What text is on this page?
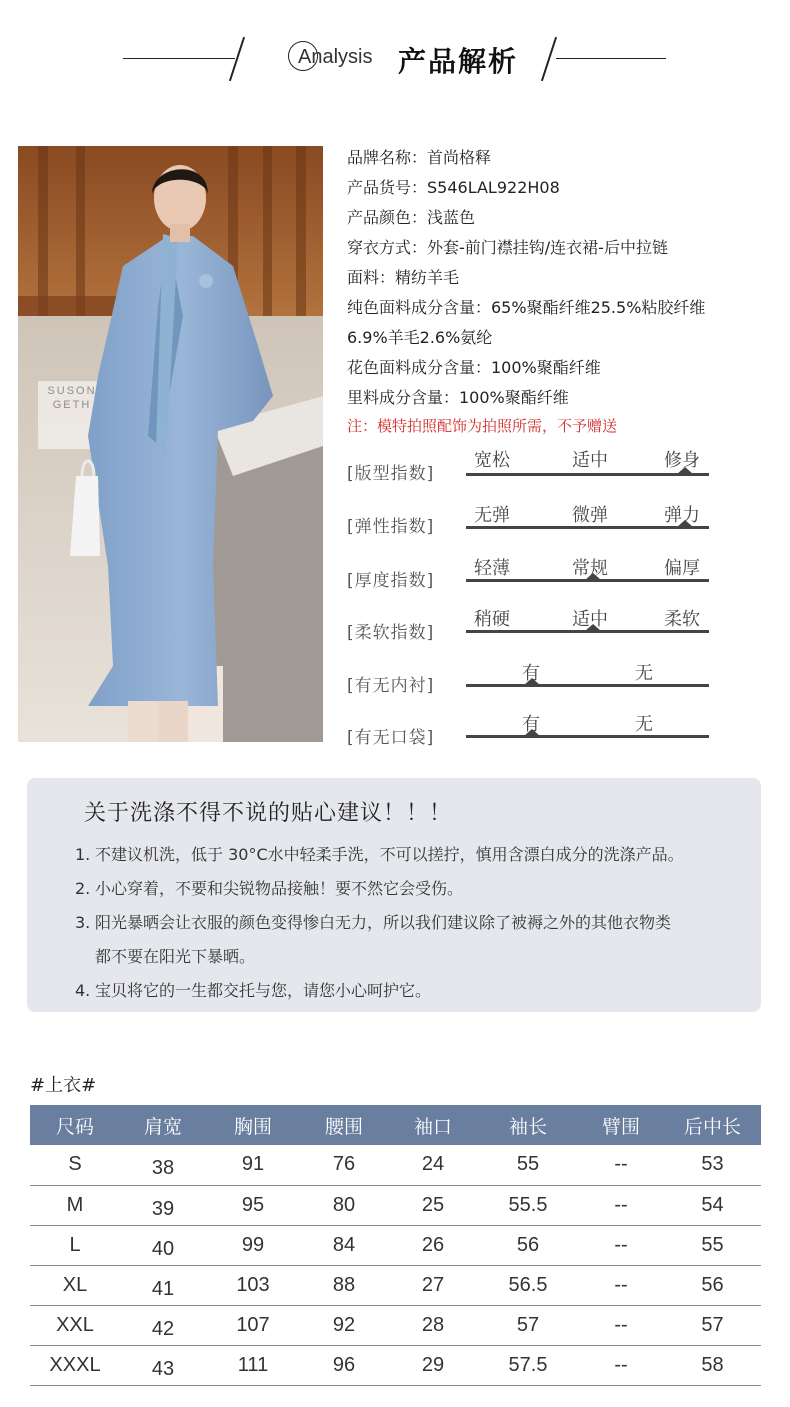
Analysis 产品解析
SUSON GETH
品牌名称：首尚格释
产品货号：S546LAL922H08
产品颜色：浅蓝色
穿衣方式：外套-前门襟挂钩/连衣裙-后中拉链
面料：精纺羊毛
纯色面料成分含量：65%聚酯纤维25.5%粘胶纤维
6.9%羊毛2.6%氨纶
花色面料成分含量：100%聚酯纤维
里料成分含量：100%聚酯纤维
注：模特拍照配饰为拍照所需，不予赠送
[版型指数]
宽松	适中	修身
[弹性指数]
无弹	微弹	弹力
[厚度指数]
轻薄	常规	偏厚
[柔软指数]
稍硬	适中	柔软
[有无内衬]
有	无
[有无口袋]
有	无
关于洗涤不得不说的贴心建议！！！
1. 不建议机洗，低于 30°C水中轻柔手洗，不可以搓拧，慎用含漂白成分的洗涤产品。
2. 小心穿着，不要和尖锐物品接触！要不然它会受伤。
3. 阳光暴晒会让衣服的颜色变得惨白无力，所以我们建议除了被褥之外的其他衣物类
都不要在阳光下暴晒。
4. 宝贝将它的一生都交托与您，请您小心呵护它。
#上衣#
尺码	肩宽	胸围	腰围	袖口	袖长	臂围	后中长
S	38	91	76	24	55	--	53
M	39	95	80	25	55.5	--	54
L	40	99	84	26	56	--	55
XL	41	103	88	27	56.5	--	56
XXL	42	107	92	28	57	--	57
XXXL	43	111	96	29	57.5	--	58
